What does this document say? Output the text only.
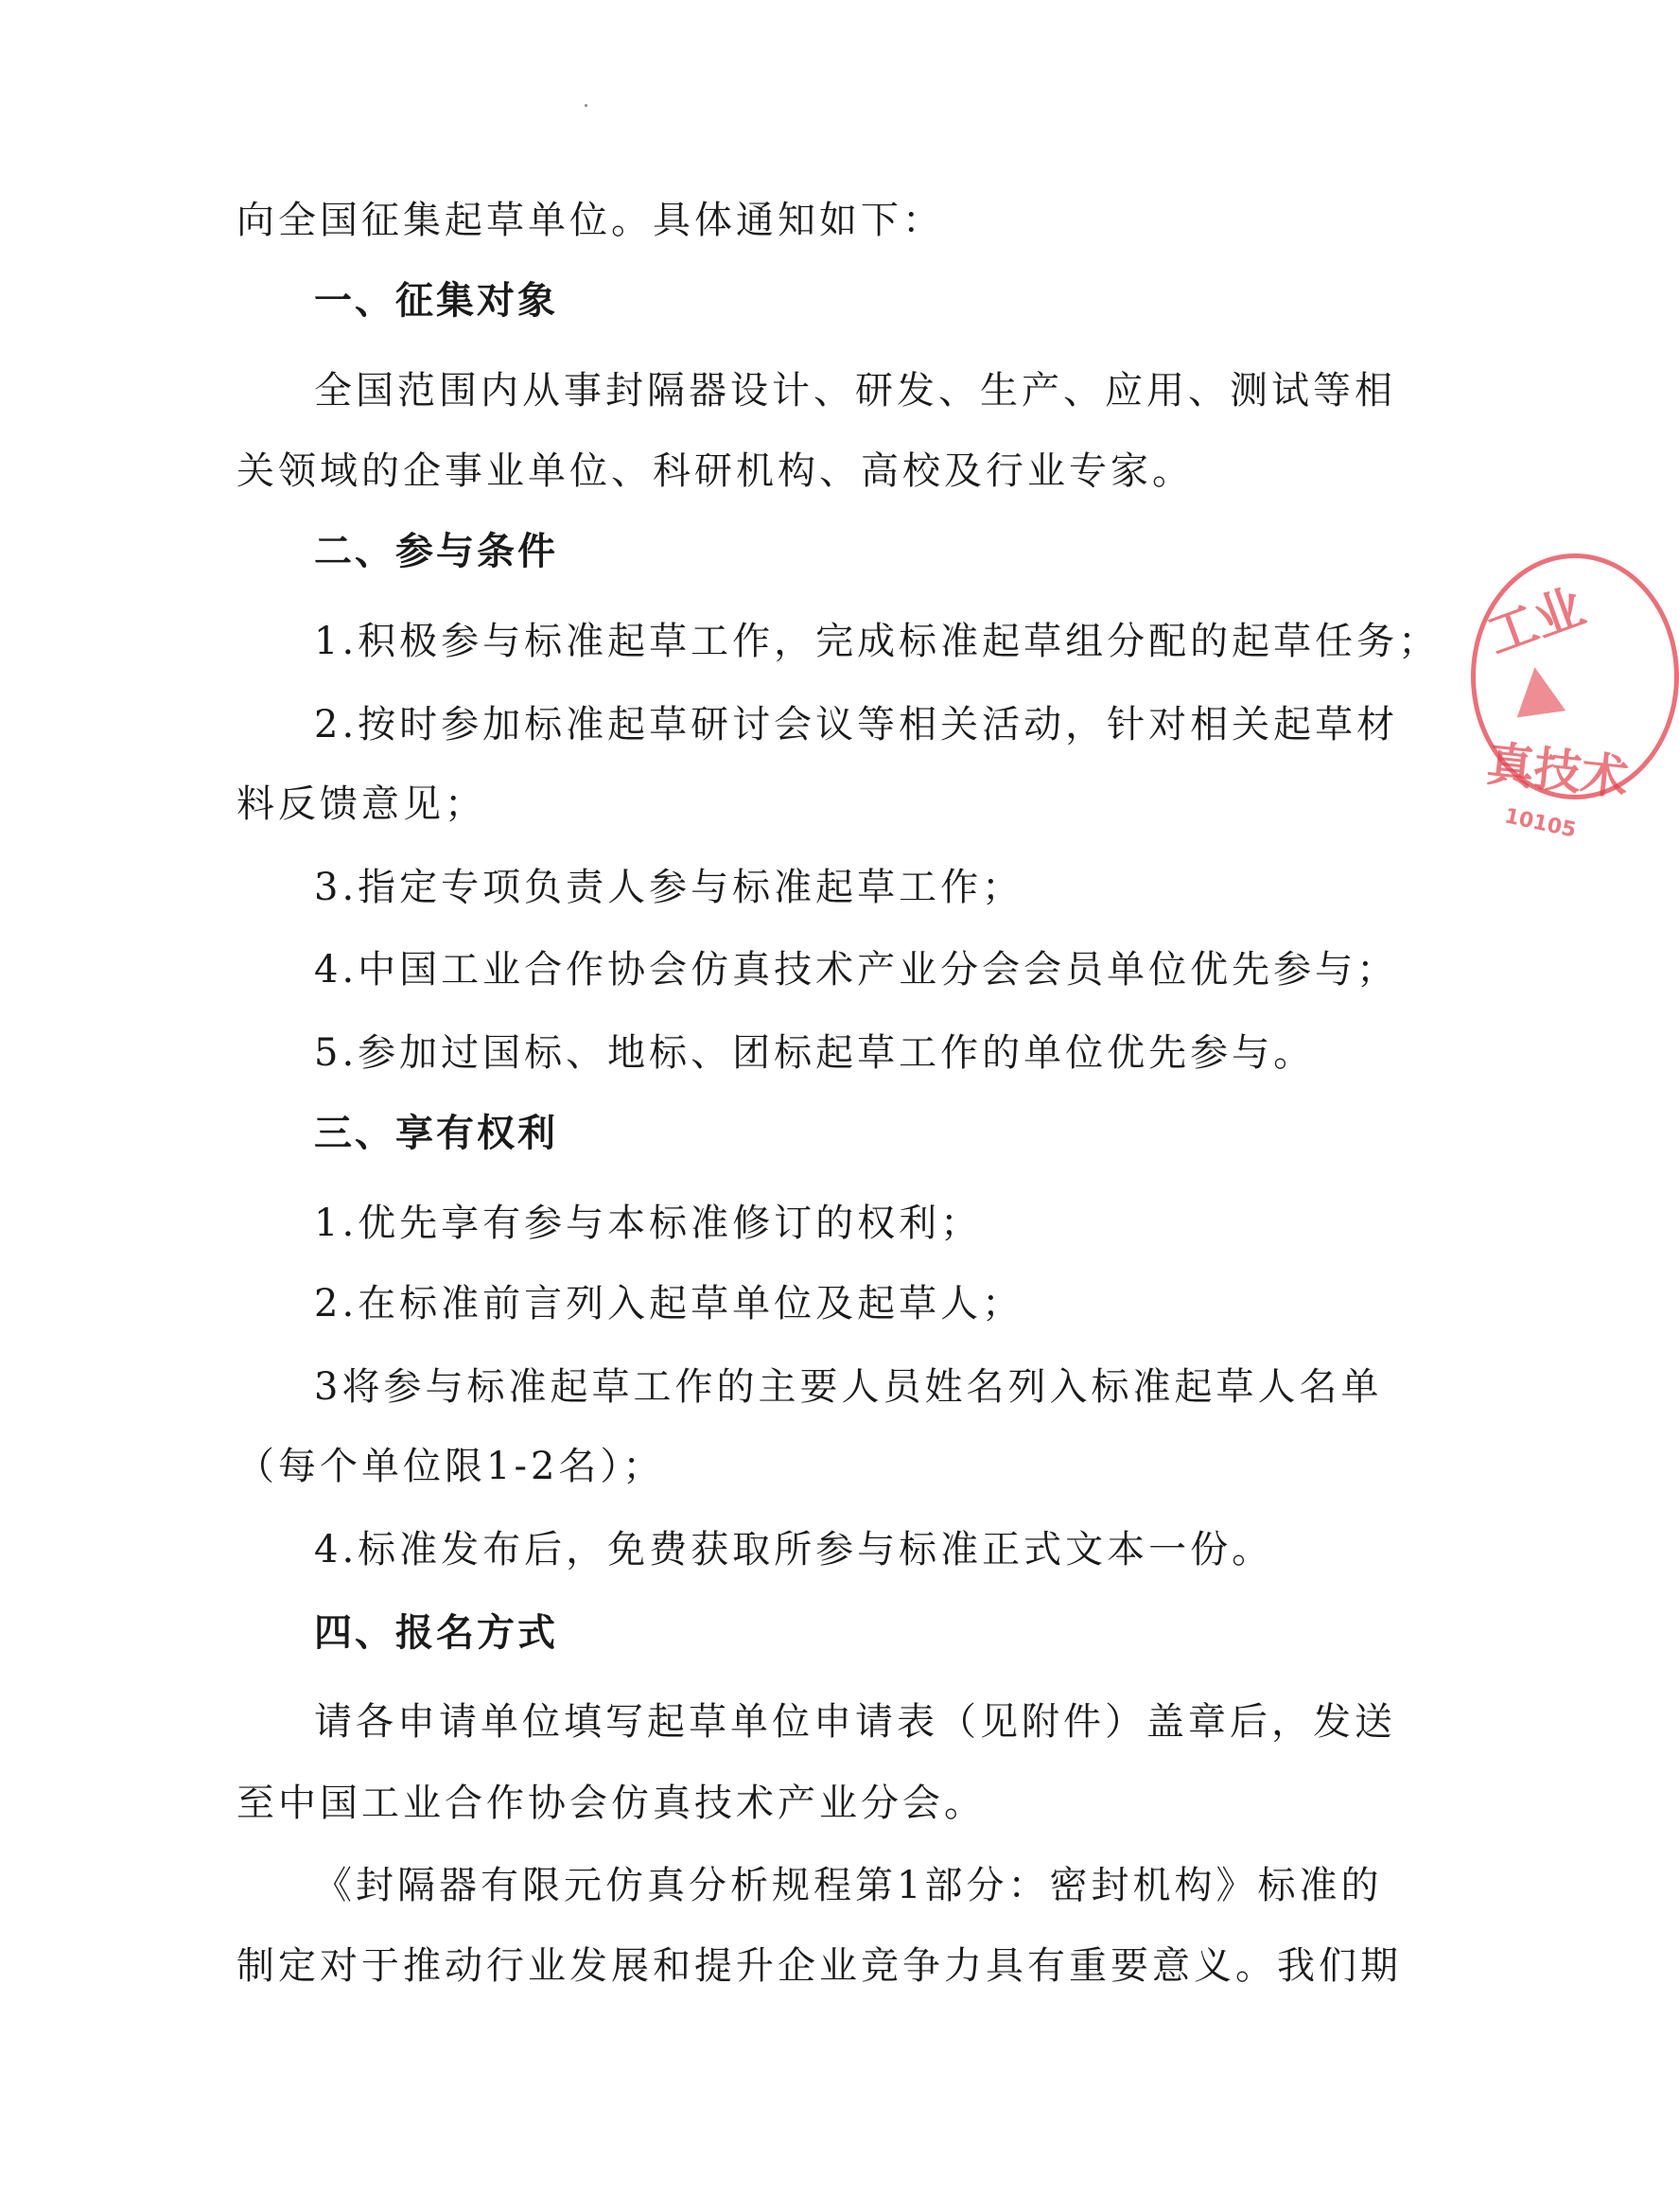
向全国征集起草单位。具体通知如下：

一、征集对象

全国范围内从事封隔器设计、研发、生产、应用、测试等相

关领域的企事业单位、科研机构、高校及行业专家。

二、参与条件

1.积极参与标准起草工作，完成标准起草组分配的起草任务；

2.按时参加标准起草研讨会议等相关活动，针对相关起草材

料反馈意见；

3.指定专项负责人参与标准起草工作；

4.中国工业合作协会仿真技术产业分会会员单位优先参与；

5.参加过国标、地标、团标起草工作的单位优先参与。

三、享有权利

1.优先享有参与本标准修订的权利；

2.在标准前言列入起草单位及起草人；

3将参与标准起草工作的主要人员姓名列入标准起草人名单

（每个单位限1-2名）；

4.标准发布后，免费获取所参与标准正式文本一份。

四、报名方式

请各申请单位填写起草单位申请表（见附件）盖章后，发送

至中国工业合作协会仿真技术产业分会。

《封隔器有限元仿真分析规程第1部分：密封机构》标准的

制定对于推动行业发展和提升企业竞争力具有重要意义。我们期

工业
真技术
10105
